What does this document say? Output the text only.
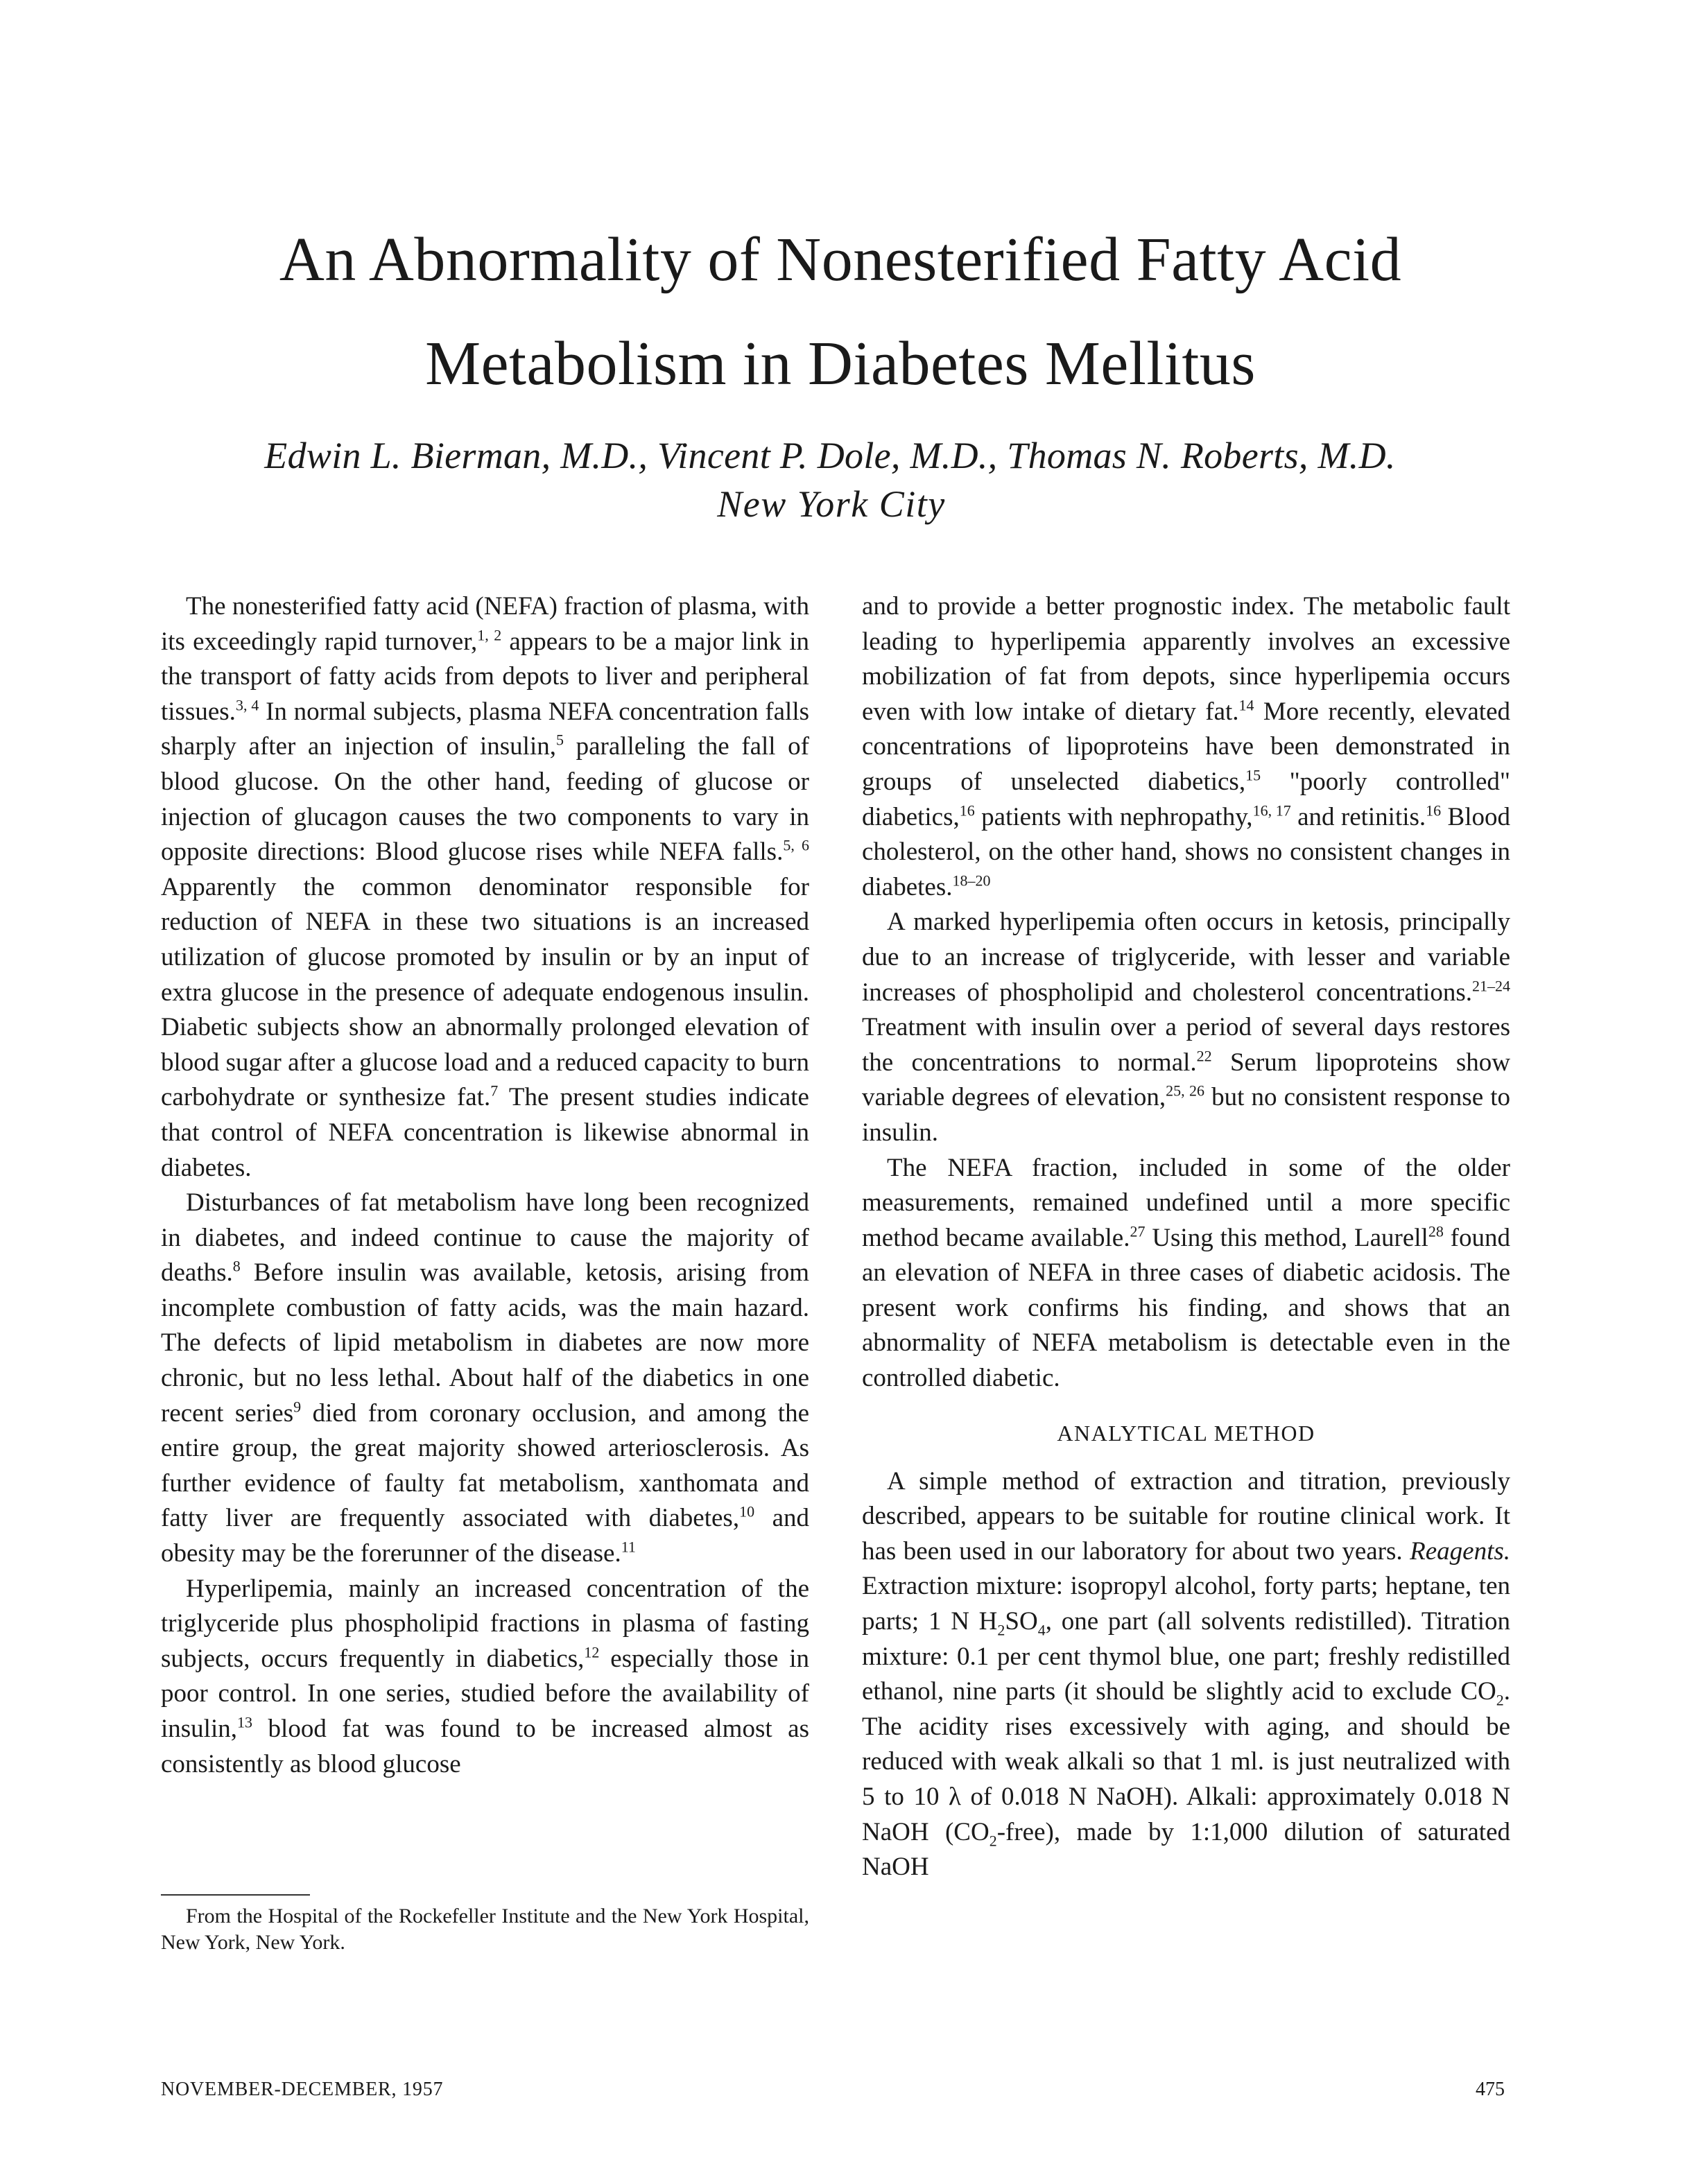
An Abnormality of Nonesterified Fatty Acid
Metabolism in Diabetes Mellitus
Edwin L. Bierman, M.D., Vincent P. Dole, M.D., Thomas N. Roberts, M.D.
New York City

The nonesterified fatty acid (NEFA) fraction of plasma, with its exceedingly rapid turnover,$^{1, 2}$ appears to be a major link in the transport of fatty acids from depots to liver and peripheral tissues.$^{3, 4}$ In normal subjects, plasma NEFA concentration falls sharply after an injection of insulin,$^5$ paralleling the fall of blood glucose. On the other hand, feeding of glucose or injection of glucagon causes the two components to vary in opposite directions: Blood glucose rises while NEFA falls.$^{5, 6}$ Apparently the common denominator responsible for reduction of NEFA in these two situations is an increased utilization of glucose promoted by insulin or by an input of extra glucose in the presence of adequate endogenous insulin. Diabetic subjects show an abnormally prolonged elevation of blood sugar after a glucose load and a reduced capacity to burn carbohydrate or synthesize fat.$^7$ The present studies indicate that control of NEFA concentration is likewise abnormal in diabetes.

Disturbances of fat metabolism have long been recognized in diabetes, and indeed continue to cause the majority of deaths.$^8$ Before insulin was available, ketosis, arising from incomplete combustion of fatty acids, was the main hazard. The defects of lipid metabolism in diabetes are now more chronic, but no less lethal. About half of the diabetics in one recent series$^9$ died from coronary occlusion, and among the entire group, the great majority showed arteriosclerosis. As further evidence of faulty fat metabolism, xanthomata and fatty liver are frequently associated with diabetes,$^{10}$ and obesity may be the forerunner of the disease.$^{11}$

Hyperlipemia, mainly an increased concentration of the triglyceride plus phospholipid fractions in plasma of fasting subjects, occurs frequently in diabetics,$^{12}$ especially those in poor control. In one series, studied before the availability of insulin,$^{13}$ blood fat was found to be increased almost as consistently as blood glucose

and to provide a better prognostic index. The metabolic fault leading to hyperlipemia apparently involves an excessive mobilization of fat from depots, since hyperlipemia occurs even with low intake of dietary fat.$^{14}$ More recently, elevated concentrations of lipoproteins have been demonstrated in groups of unselected diabetics,$^{15}$ "poorly controlled" diabetics,$^{16}$ patients with nephropathy,$^{16, 17}$ and retinitis.$^{16}$ Blood cholesterol, on the other hand, shows no consistent changes in diabetes.$^{18-20}$

A marked hyperlipemia often occurs in ketosis, principally due to an increase of triglyceride, with lesser and variable increases of phospholipid and cholesterol concentrations.$^{21-24}$ Treatment with insulin over a period of several days restores the concentrations to normal.$^{22}$ Serum lipoproteins show variable degrees of elevation,$^{25, 26}$ but no consistent response to insulin.

The NEFA fraction, included in some of the older measurements, remained undefined until a more specific method became available.$^{27}$ Using this method, Laurell$^{28}$ found an elevation of NEFA in three cases of diabetic acidosis. The present work confirms his finding, and shows that an abnormality of NEFA metabolism is detectable even in the controlled diabetic.

ANALYTICAL METHOD

A simple method of extraction and titration, previously described, appears to be suitable for routine clinical work. It has been used in our laboratory for about two years. Reagents. Extraction mixture: isopropyl alcohol, forty parts; heptane, ten parts; 1 N $H_2SO_4$, one part (all solvents redistilled). Titration mixture: 0.1 per cent thymol blue, one part; freshly redistilled ethanol, nine parts (it should be slightly acid to exclude $CO_2$. The acidity rises excessively with aging, and should be reduced with weak alkali so that 1 ml. is just neutralized with 5 to 10 λ of 0.018 N NaOH). Alkali: approximately 0.018 N NaOH $(CO_2-free)$, made by 1:1,000 dilution of saturated NaOH

From the Hospital of the Rockefeller Institute and the New York Hospital, New York, New York.
NOVEMBER-DECEMBER, 1957	475
